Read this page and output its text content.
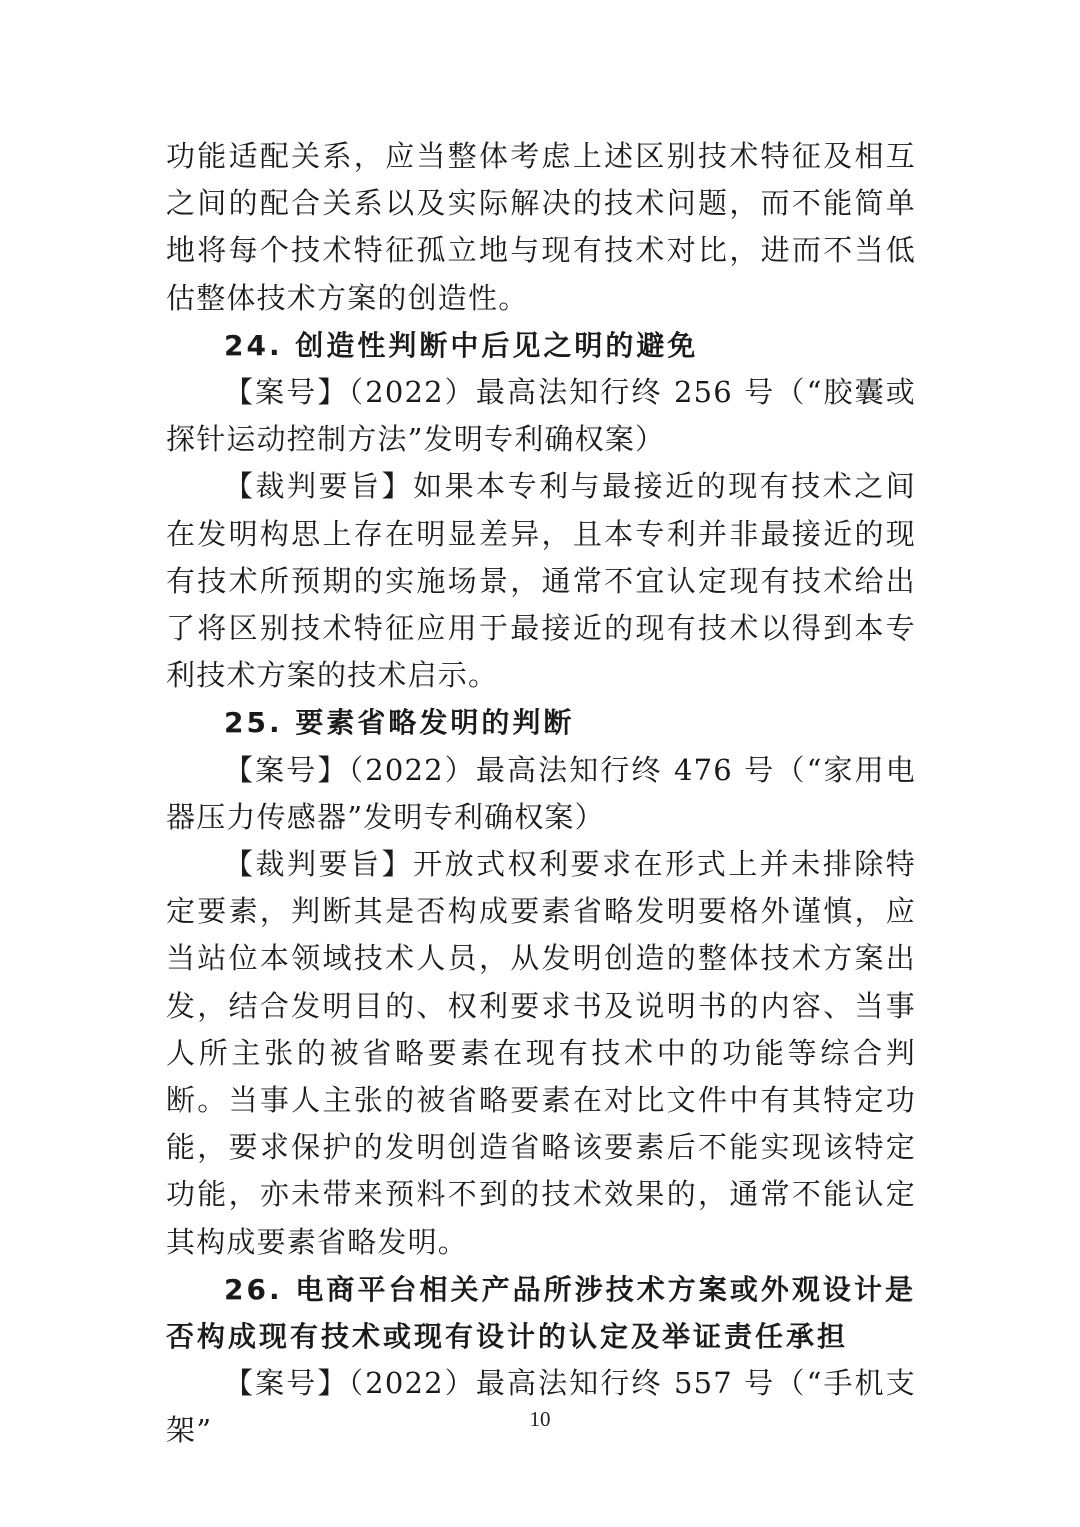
功能适配关系，应当整体考虑上述区别技术特征及相互之间的配合关系以及实际解决的技术问题，而不能简单地将每个技术特征孤立地与现有技术对比，进而不当低估整体技术方案的创造性。

24. 创造性判断中后见之明的避免

【案号】（2022）最高法知行终 256 号（“胶囊或探针运动控制方法”发明专利确权案）

【裁判要旨】如果本专利与最接近的现有技术之间在发明构思上存在明显差异，且本专利并非最接近的现有技术所预期的实施场景，通常不宜认定现有技术给出了将区别技术特征应用于最接近的现有技术以得到本专利技术方案的技术启示。

25. 要素省略发明的判断

【案号】（2022）最高法知行终 476 号（“家用电器压力传感器”发明专利确权案）

【裁判要旨】开放式权利要求在形式上并未排除特定要素，判断其是否构成要素省略发明要格外谨慎，应当站位本领域技术人员，从发明创造的整体技术方案出发，结合发明目的、权利要求书及说明书的内容、当事人所主张的被省略要素在现有技术中的功能等综合判断。当事人主张的被省略要素在对比文件中有其特定功能，要求保护的发明创造省略该要素后不能实现该特定功能，亦未带来预料不到的技术效果的，通常不能认定其构成要素省略发明。

26. 电商平台相关产品所涉技术方案或外观设计是否构成现有技术或现有设计的认定及举证责任承担

【案号】（2022）最高法知行终 557 号（“手机支架”	10
